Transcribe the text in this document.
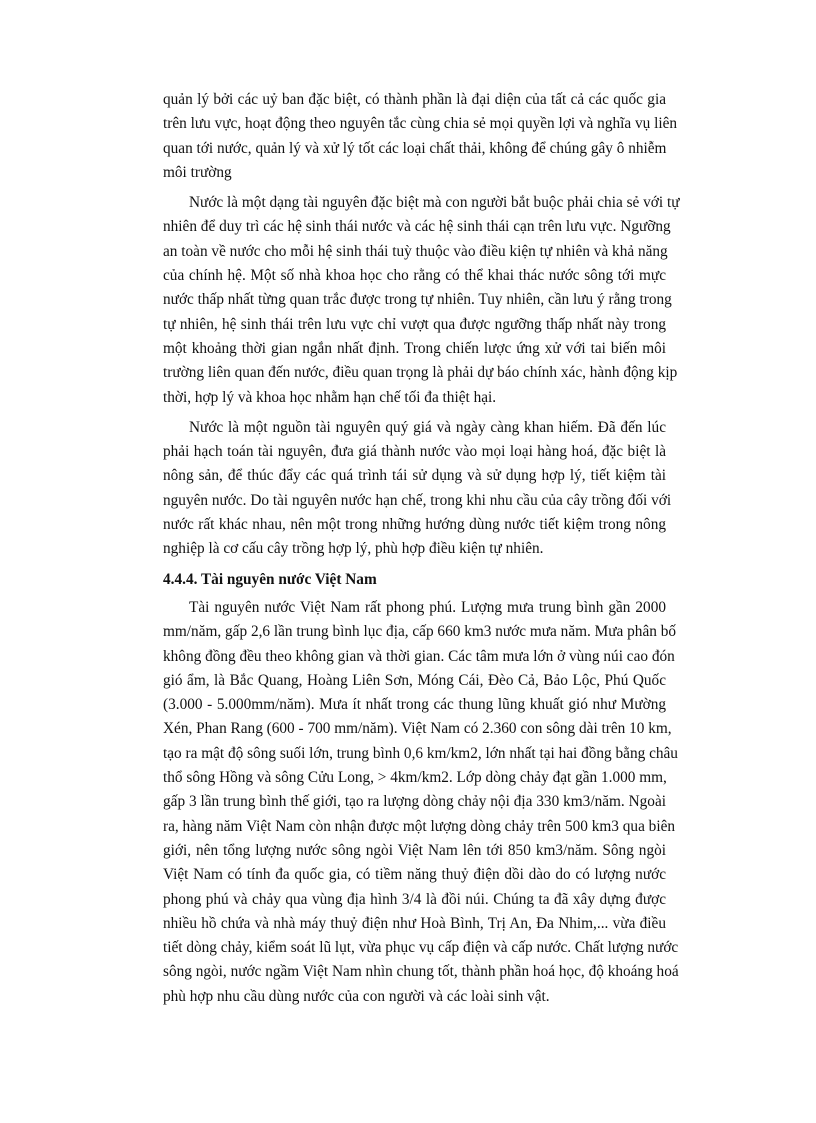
quản lý bởi các uỷ ban đặc biệt, có thành phần là đại diện của tất cả các quốc gia
trên lưu vực, hoạt động theo nguyên tắc cùng chia sẻ mọi quyền lợi và nghĩa vụ liên
quan tới nước, quản lý và xử lý tốt các loại chất thải, không để chúng gây ô nhiễm
môi trường
Nước là một dạng tài nguyên đặc biệt mà con người bắt buộc phải chia sẻ với tự
nhiên để duy trì các hệ sinh thái nước và các hệ sinh thái cạn trên lưu vực. Ngưỡng
an toàn về nước cho mỗi hệ sinh thái tuỳ thuộc vào điều kiện tự nhiên và khả năng
của chính hệ. Một số nhà khoa học cho rằng có thể khai thác nước sông tới mực
nước thấp nhất từng quan trắc được trong tự nhiên. Tuy nhiên, cần lưu ý rằng trong
tự nhiên, hệ sinh thái trên lưu vực chỉ vượt qua được ngưỡng thấp nhất này trong
một khoảng thời gian ngắn nhất định. Trong chiến lược ứng xử với tai biến môi
trường liên quan đến nước, điều quan trọng là phải dự báo chính xác, hành động kịp
thời, hợp lý và khoa học nhằm hạn chế tối đa thiệt hại.
Nước là một nguồn tài nguyên quý giá và ngày càng khan hiếm. Đã đến lúc
phải hạch toán tài nguyên, đưa giá thành nước vào mọi loại hàng hoá, đặc biệt là
nông sản, để thúc đẩy các quá trình tái sử dụng và sử dụng hợp lý, tiết kiệm tài
nguyên nước. Do tài nguyên nước hạn chế, trong khi nhu cầu của cây trồng đối với
nước rất khác nhau, nên một trong những hướng dùng nước tiết kiệm trong nông
nghiệp là cơ cấu cây trồng hợp lý, phù hợp điều kiện tự nhiên.
4.4.4. Tài nguyên nước Việt Nam
Tài nguyên nước Việt Nam rất phong phú. Lượng mưa trung bình gần 2000
mm/năm, gấp 2,6 lần trung bình lục địa, cấp 660 km3 nước mưa năm. Mưa phân bố
không đồng đều theo không gian và thời gian. Các tâm mưa lớn ở vùng núi cao đón
gió ẩm, là Bắc Quang, Hoàng Liên Sơn, Móng Cái, Đèo Cả, Bảo Lộc, Phú Quốc
(3.000 - 5.000mm/năm). Mưa ít nhất trong các thung lũng khuất gió như Mường
Xén, Phan Rang (600 - 700 mm/năm). Việt Nam có 2.360 con sông dài trên 10 km,
tạo ra mật độ sông suối lớn, trung bình 0,6 km/km2, lớn nhất tại hai đồng bằng châu
thổ sông Hồng và sông Cửu Long, > 4km/km2. Lớp dòng chảy đạt gần 1.000 mm,
gấp 3 lần trung bình thế giới, tạo ra lượng dòng chảy nội địa 330 km3/năm. Ngoài
ra, hàng năm Việt Nam còn nhận được một lượng dòng chảy trên 500 km3 qua biên
giới, nên tổng lượng nước sông ngòi Việt Nam lên tới 850 km3/năm. Sông ngòi
Việt Nam có tính đa quốc gia, có tiềm năng thuỷ điện dồi dào do có lượng nước
phong phú và chảy qua vùng địa hình 3/4 là đồi núi. Chúng ta đã xây dựng được
nhiều hồ chứa và nhà máy thuỷ điện như Hoà Bình, Trị An, Đa Nhim,... vừa điều
tiết dòng chảy, kiểm soát lũ lụt, vừa phục vụ cấp điện và cấp nước. Chất lượng nước
sông ngòi, nước ngầm Việt Nam nhìn chung tốt, thành phần hoá học, độ khoáng hoá
phù hợp nhu cầu dùng nước của con người và các loài sinh vật.
